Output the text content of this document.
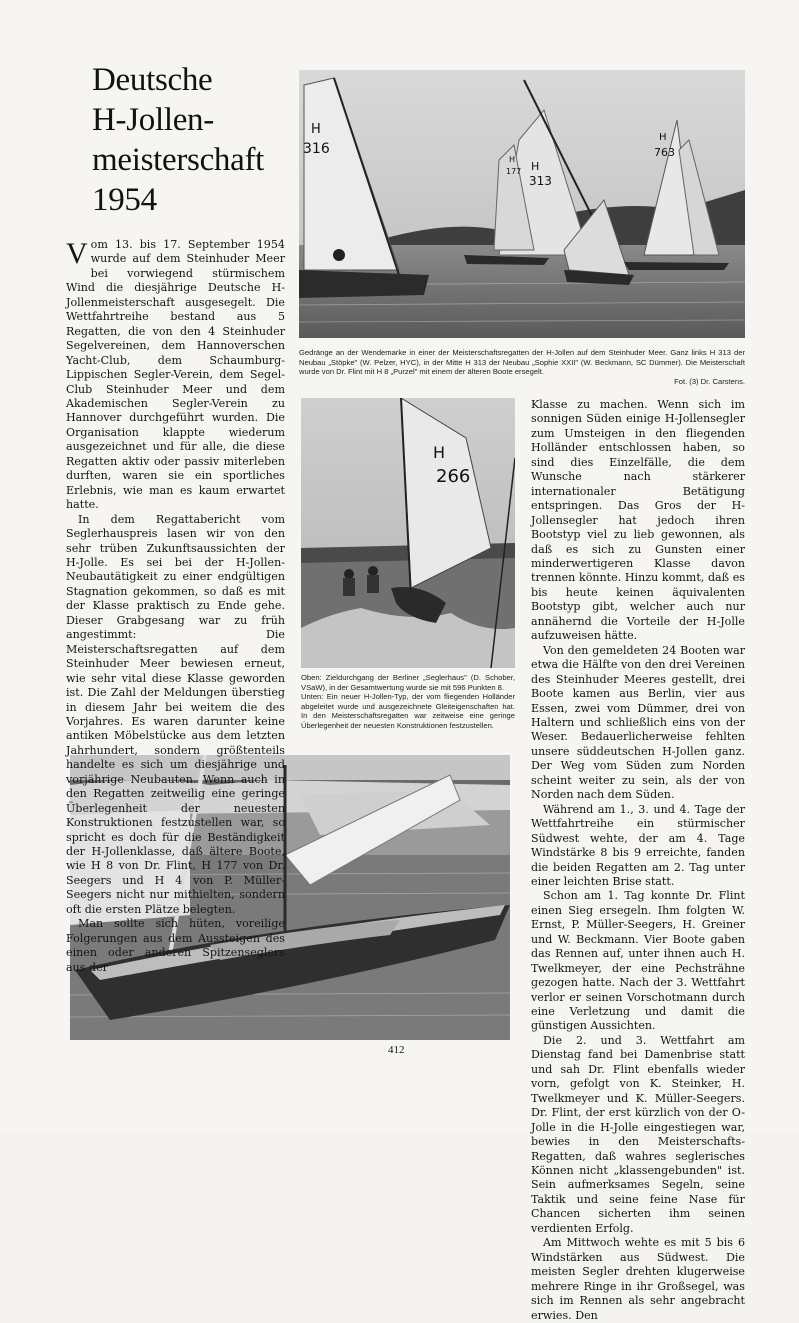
Deutsche
H-Jollen-
meisterschaft
1954
H
316
H
177 H
313
H
763
Gedränge an der Wendemarke in einer der Meisterschaftsregatten der H-Jollen auf dem Steinhuder Meer. Ganz links H 313 der Neubau „Stöpke" (W. Pelzer, HYC), in der Mitte H 313 der Neubau „Sophie XXII" (W. Beckmann, SC Dümmer). Die Meisterschaft wurde von Dr. Flint mit H 8 „Purzel" mit einem der älteren Boote ersegelt.
Fot. (3) Dr. Carstens.
H
266
Oben: Zieldurchgang der Berliner „Seglerhaus" (D. Schober, VSaW), in der Gesamtwertung wurde sie mit 596 Punkten 8.
Unten: Ein neuer H-Jollen-Typ, der vom fliegenden Holländer abgeleitet wurde und ausgezeichnete Gleiteigenschaften hat. In den Meisterschaftsregatten war zeitweise eine geringe Überlegenheit der neuesten Konstruktionen festzustellen.

Vom 13. bis 17. September 1954 wurde auf dem Steinhuder Meer bei vorwiegend stürmischem Wind die diesjährige Deutsche H-Jollenmeisterschaft ausgesegelt. Die Wettfahrtreihe bestand aus 5 Regatten, die von den 4 Steinhuder Segelvereinen, dem Hannoverschen Yacht-Club, dem Schaumburg-Lippischen Segler-Verein, dem Segel-Club Steinhuder Meer und dem Akademischen Segler-Verein zu Hannover durchgeführt wurden. Die Organisation klappte wiederum ausgezeichnet und für alle, die diese Regatten aktiv oder passiv miterleben durften, waren sie ein sportliches Erlebnis, wie man es kaum erwartet hatte.

In dem Regattabericht vom Seglerhauspreis lasen wir von den sehr trüben Zukunftsaussichten der H-Jolle. Es sei bei der H-Jollen-Neubautätigkeit zu einer endgültigen Stagnation gekommen, so daß es mit der Klasse praktisch zu Ende gehe. Dieser Grabgesang war zu früh angestimmt: Die Meisterschaftsregatten auf dem Steinhuder Meer bewiesen erneut, wie sehr vital diese Klasse geworden ist. Die Zahl der Meldungen überstieg in diesem Jahr bei weitem die des Vorjahres. Es waren darunter keine antiken Möbelstücke aus dem letzten Jahrhundert, sondern größtenteils handelte es sich um diesjährige und vorjährige Neubauten. Wenn auch in den Regatten zeitweilig eine geringe Überlegenheit der neuesten Konstruktionen festzustellen war, so spricht es doch für die Beständigkeit der H-Jollenklasse, daß ältere Boote, wie H 8 von Dr. Flint, H 177 von Dr. Seegers und H 4 von P. Müller-Seegers nicht nur mithielten, sondern oft die ersten Plätze belegten.

Man sollte sich hüten, voreilige Folgerungen aus dem Aussteigen des einen oder anderen Spitzenseglers aus der

Klasse zu machen. Wenn sich im sonnigen Süden einige H-Jollensegler zum Umsteigen in den fliegenden Holländer entschlossen haben, so sind dies Einzelfälle, die dem Wunsche nach stärkerer internationaler Betätigung entspringen. Das Gros der H-Jollensegler hat jedoch ihren Bootstyp viel zu lieb gewonnen, als daß es sich zu Gunsten einer minderwertigeren Klasse davon trennen könnte. Hinzu kommt, daß es bis heute keinen äquivalenten Bootstyp gibt, welcher auch nur annähernd die Vorteile der H-Jolle aufzuweisen hätte.

Von den gemeldeten 24 Booten war etwa die Hälfte von den drei Vereinen des Steinhuder Meeres gestellt, drei Boote kamen aus Berlin, vier aus Essen, zwei vom Dümmer, drei von Haltern und schließlich eins von der Weser. Bedauerlicherweise fehlten unsere süddeutschen H-Jollen ganz. Der Weg vom Süden zum Norden scheint weiter zu sein, als der von Norden nach dem Süden.

Während am 1., 3. und 4. Tage der Wettfahrtreihe ein stürmischer Südwest wehte, der am 4. Tage Windstärke 8 bis 9 erreichte, fanden die beiden Regatten am 2. Tag unter einer leichten Brise statt.

Schon am 1. Tag konnte Dr. Flint einen Sieg ersegeln. Ihm folgten W. Ernst, P. Müller-Seegers, H. Greiner und W. Beckmann. Vier Boote gaben das Rennen auf, unter ihnen auch H. Twelkmeyer, der eine Pechsträhne gezogen hatte. Nach der 3. Wettfahrt verlor er seinen Vorschotmann durch eine Verletzung und damit die günstigen Aussichten.

Die 2. und 3. Wettfahrt am Dienstag fand bei Damenbrise statt und sah Dr. Flint ebenfalls wieder vorn, gefolgt von K. Steinker, H. Twelkmeyer und K. Müller-Seegers. Dr. Flint, der erst kürzlich von der O-Jolle in die H-Jolle eingestiegen war, bewies in den Meisterschafts-Regatten, daß wahres seglerisches Können nicht „klassengebunden" ist. Sein aufmerksames Segeln, seine Taktik und seine feine Nase für Chancen sicherten ihm seinen verdienten Erfolg.

Am Mittwoch wehte es mit 5 bis 6 Windstärken aus Südwest. Die meisten Segler drehten klugerweise mehrere Ringe in ihr Großsegel, was sich im Rennen als sehr angebracht erwies. Den

412
